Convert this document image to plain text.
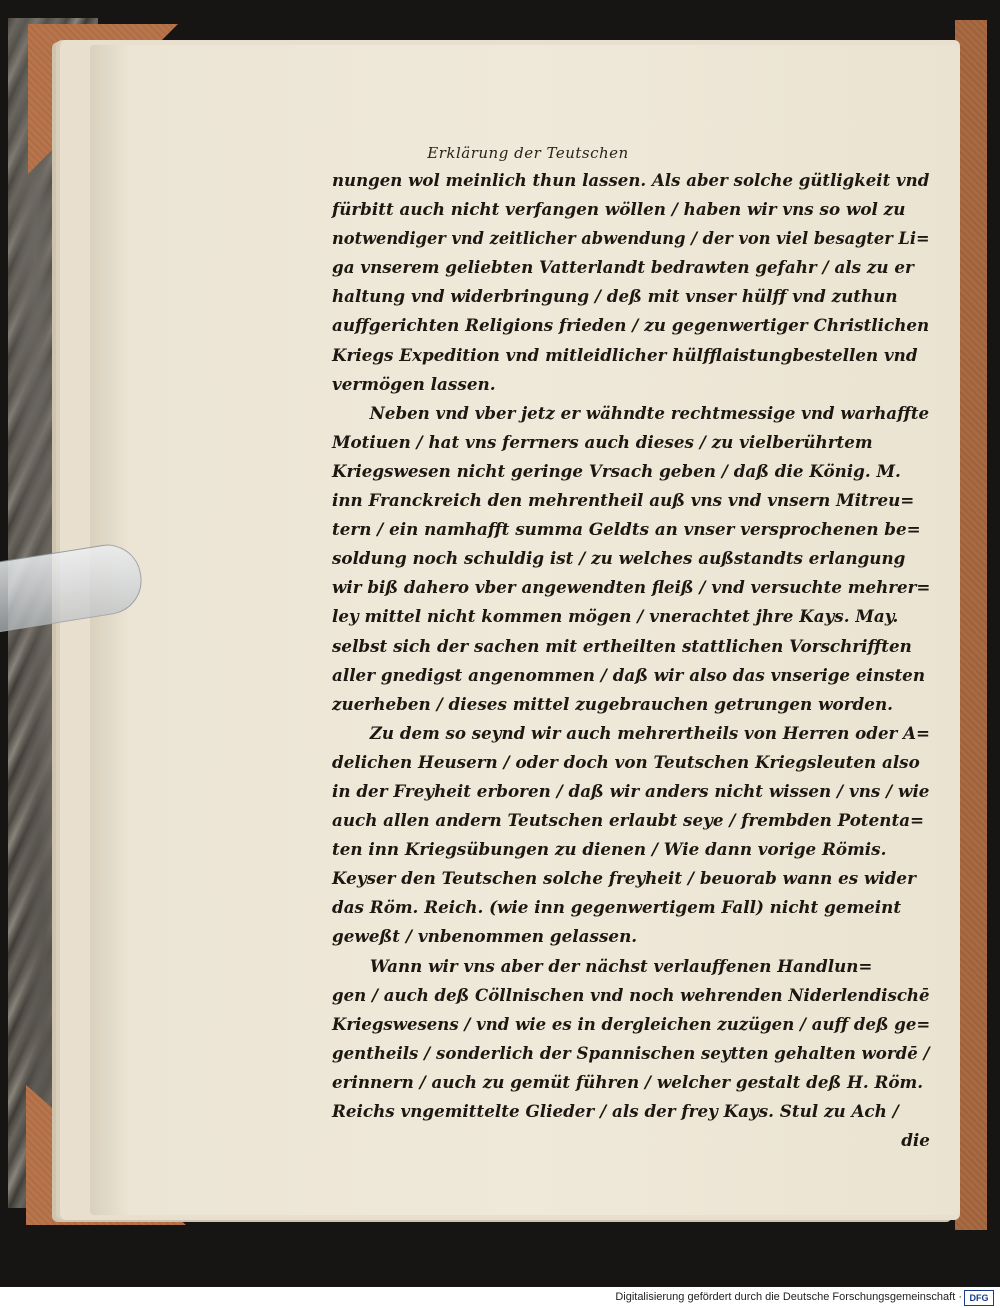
Erklärung der Teutschen
nungen wol meinlich thun lassen. Als aber solche gütligkeit vnd
fürbitt auch nicht verfangen wöllen / haben wir vns so wol zu
notwendiger vnd zeitlicher abwendung / der von viel besagter Li=
ga vnserem geliebten Vatterlandt bedrawten gefahr / als zu er
haltung vnd widerbringung / deß mit vnser hülff vnd zuthun
auffgerichten Religions frieden / zu gegenwertiger Christlichen
Kriegs Expedition vnd mitleidlicher hülfflaistungbestellen vnd
vermögen lassen.
Neben vnd vber jetz er wähndte rechtmessige vnd warhaffte
Motiuen / hat vns ferrners auch dieses / zu vielberührtem
Kriegswesen nicht geringe Vrsach geben / daß die König. M.
inn Franckreich den mehrentheil auß vns vnd vnsern Mitreu=
tern / ein namhafft summa Geldts an vnser versprochenen be=
soldung noch schuldig ist / zu welches außstandts erlangung
wir biß dahero vber angewendten fleiß / vnd versuchte mehrer=
ley mittel nicht kommen mögen / vnerachtet jhre Kays. May.
selbst sich der sachen mit ertheilten stattlichen Vorschrifften
aller gnedigst angenommen / daß wir also das vnserige einsten
zuerheben / dieses mittel zugebrauchen getrungen worden.
Zu dem so seynd wir auch mehrertheils von Herren oder A=
delichen Heusern / oder doch von Teutschen Kriegsleuten also
in der Freyheit erboren / daß wir anders nicht wissen / vns / wie
auch allen andern Teutschen erlaubt seye / frembden Potenta=
ten inn Kriegsübungen zu dienen / Wie dann vorige Römis.
Keyser den Teutschen solche freyheit / beuorab wann es wider
das Röm. Reich. (wie inn gegenwertigem Fall) nicht gemeint
geweßt / vnbenommen gelassen.
Wann wir vns aber der nächst verlauffenen Handlun=
gen / auch deß Cöllnischen vnd noch wehrenden Niderlendischē
Kriegswesens / vnd wie es in dergleichen zuzügen / auff deß ge=
gentheils / sonderlich der Spannischen seytten gehalten wordē /
erinnern / auch zu gemüt führen / welcher gestalt deß H. Röm.
Reichs vngemittelte Glieder / als der frey Kays. Stul zu Ach /
die
Digitalisierung gefördert durch die Deutsche Forschungsgemeinschaft · DFG
